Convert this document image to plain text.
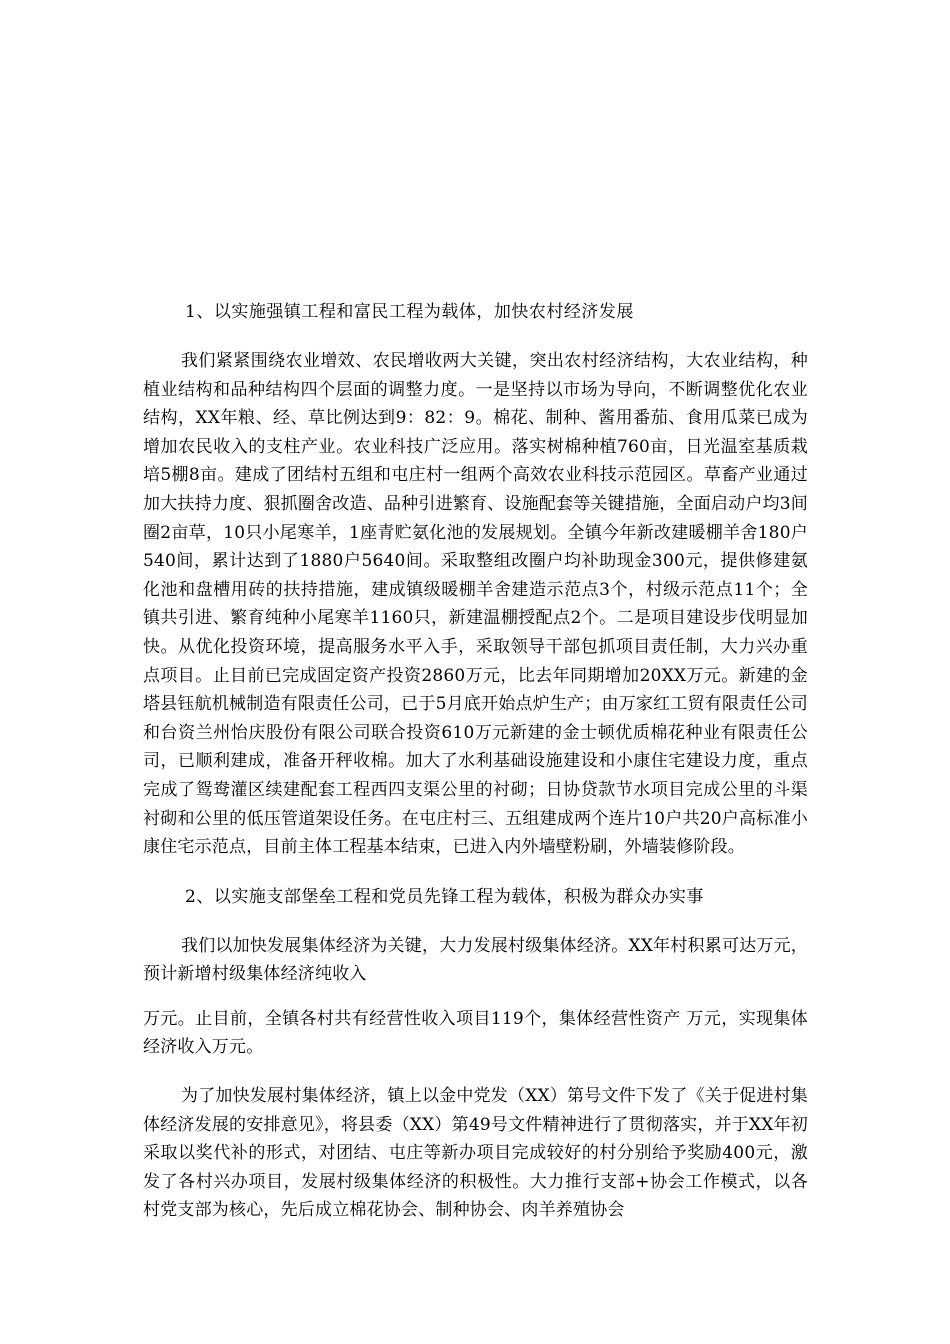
1、以实施强镇工程和富民工程为载体，加快农村经济发展

我们紧紧围绕农业增效、农民增收两大关键，突出农村经济结构，大农业结构，种植业结构和品种结构四个层面的调整力度。一是坚持以市场为导向，不断调整优化农业结构，XX年粮、经、草比例达到9：82：9。棉花、制种、酱用番茄、食用瓜菜已成为增加农民收入的支柱产业。农业科技广泛应用。落实树棉种植760亩，日光温室基质栽培5棚8亩。建成了团结村五组和屯庄村一组两个高效农业科技示范园区。草畜产业通过加大扶持力度、狠抓圈舍改造、品种引进繁育、设施配套等关键措施，全面启动户均3间圈2亩草，10只小尾寒羊，1座青贮氨化池的发展规划。全镇今年新改建暖棚羊舍180户540间，累计达到了1880户5640间。采取整组改圈户均补助现金300元，提供修建氨化池和盘槽用砖的扶持措施，建成镇级暖棚羊舍建造示范点3个，村级示范点11个；全镇共引进、繁育纯种小尾寒羊1160只，新建温棚授配点2个。二是项目建设步伐明显加快。从优化投资环境，提高服务水平入手，采取领导干部包抓项目责任制，大力兴办重点项目。止目前已完成固定资产投资2860万元，比去年同期增加20XX万元。新建的金塔县钰航机械制造有限责任公司，已于5月底开始点炉生产；由万家红工贸有限责任公司和台资兰州怡庆股份有限公司联合投资610万元新建的金士顿优质棉花种业有限责任公司，已顺利建成，准备开秤收棉。加大了水利基础设施建设和小康住宅建设力度，重点完成了鸳鸯灌区续建配套工程西四支渠公里的衬砌；日协贷款节水项目完成公里的斗渠衬砌和公里的低压管道架设任务。在屯庄村三、五组建成两个连片10户共20户高标准小康住宅示范点，目前主体工程基本结束，已进入内外墙壁粉刷，外墙装修阶段。

2、以实施支部堡垒工程和党员先锋工程为载体，积极为群众办实事

我们以加快发展集体经济为关键，大力发展村级集体经济。XX年村积累可达万元，预计新增村级集体经济纯收入

万元。止目前，全镇各村共有经营性收入项目119个，集体经营性资产 万元，实现集体经济收入万元。

为了加快发展村集体经济，镇上以金中党发（XX）第号文件下发了《关于促进村集体经济发展的安排意见》，将县委（XX）第49号文件精神进行了贯彻落实，并于XX年初采取以奖代补的形式，对团结、屯庄等新办项目完成较好的村分别给予奖励400元，激发了各村兴办项目，发展村级集体经济的积极性。大力推行支部+协会工作模式，以各村党支部为核心，先后成立棉花协会、制种协会、肉羊养殖协会
